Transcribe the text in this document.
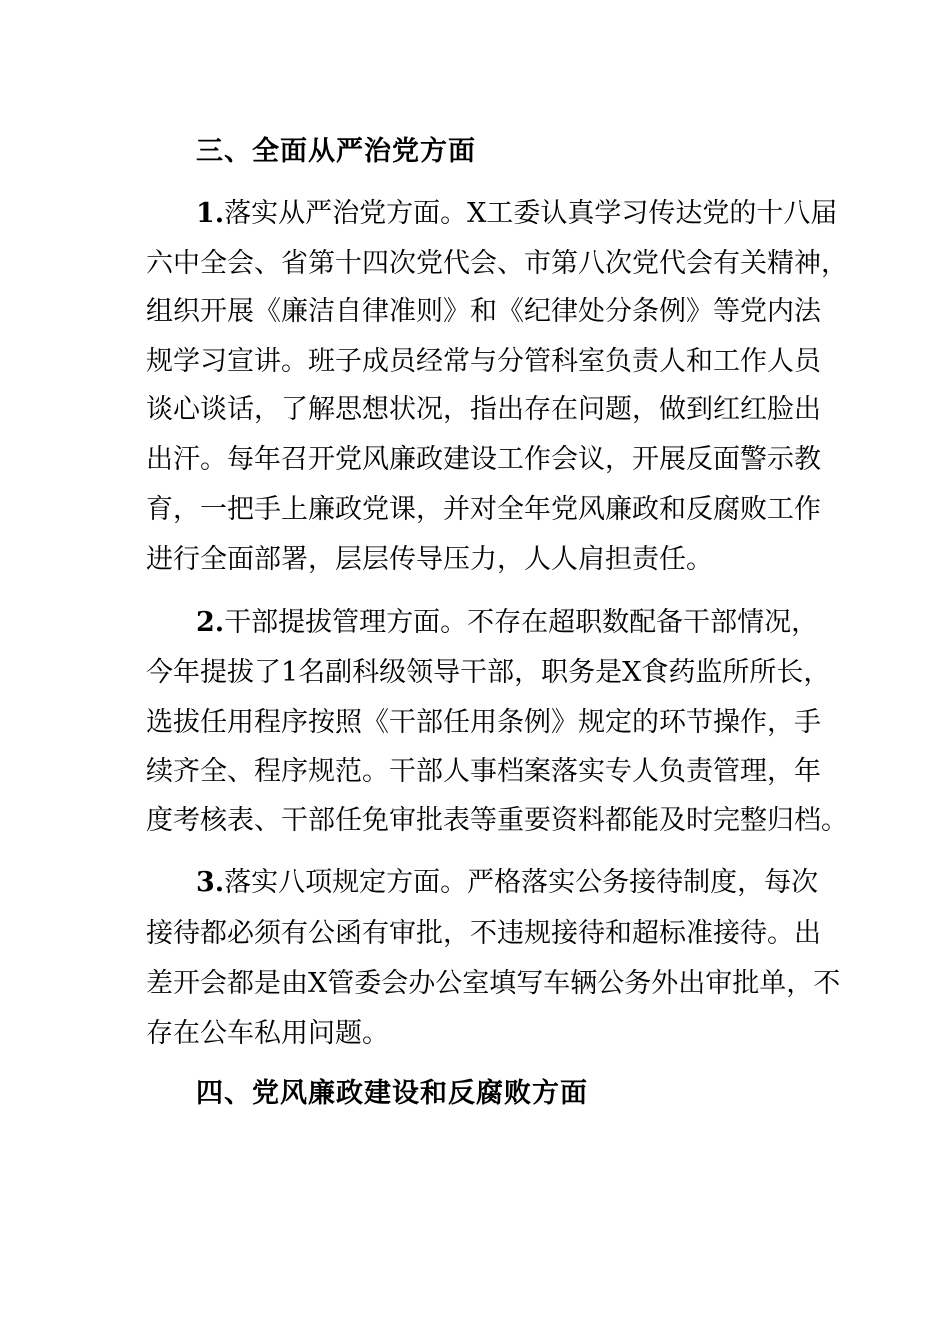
三、全面从严治党方面
1.落实从严治党方面。X工委认真学习传达党的十八届
六中全会、省第十四次党代会、市第八次党代会有关精神，
组织开展《廉洁自律准则》和《纪律处分条例》等党内法
规学习宣讲。班子成员经常与分管科室负责人和工作人员
谈心谈话，了解思想状况，指出存在问题，做到红红脸出
出汗。每年召开党风廉政建设工作会议，开展反面警示教
育，一把手上廉政党课，并对全年党风廉政和反腐败工作
进行全面部署，层层传导压力，人人肩担责任。
2.干部提拔管理方面。不存在超职数配备干部情况，
今年提拔了1名副科级领导干部，职务是X食药监所所长，
选拔任用程序按照《干部任用条例》规定的环节操作，手
续齐全、程序规范。干部人事档案落实专人负责管理，年
度考核表、干部任免审批表等重要资料都能及时完整归档。
3.落实八项规定方面。严格落实公务接待制度，每次
接待都必须有公函有审批，不违规接待和超标准接待。出
差开会都是由X管委会办公室填写车辆公务外出审批单，不
存在公车私用问题。
四、党风廉政建设和反腐败方面
